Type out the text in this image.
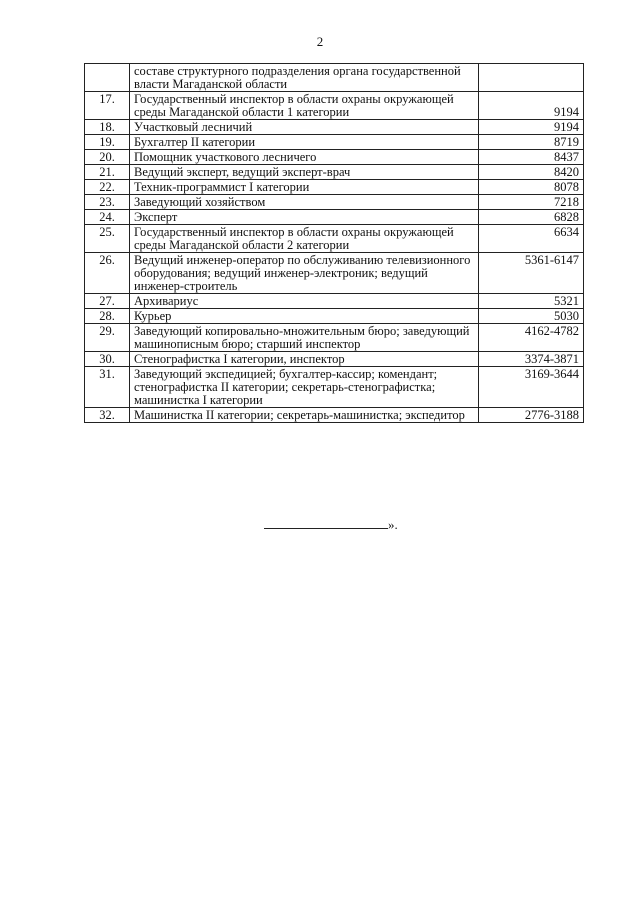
2
	составе структурного подразделения органа государственной власти Магаданской области	
17.	Государственный инспектор в области охраны окружающей среды Магаданской области 1 категории	9194
18.	Участковый лесничий	9194
19.	Бухгалтер II категории	8719
20.	Помощник участкового лесничего	8437
21.	Ведущий эксперт, ведущий эксперт-врач	8420
22.	Техник-программист I категории	8078
23.	Заведующий хозяйством	7218
24.	Эксперт	6828
25.	Государственный инспектор в области охраны окружающей среды Магаданской области 2 категории	6634
26.	Ведущий инженер-оператор по обслуживанию телевизионного оборудования; ведущий инженер-электроник; ведущий инженер-строитель	5361-6147
27.	Архивариус	5321
28.	Курьер	5030
29.	Заведующий копировально-множительным бюро; заведующий машинописным бюро; старший инспектор	4162-4782
30.	Стенографистка I категории, инспектор	3374-3871
31.	Заведующий экспедицией; бухгалтер-кассир; комендант; стенографистка II категории; секретарь-стенографистка; машинистка I категории	3169-3644
32.	Машинистка II категории; секретарь-машинистка; экспедитор	2776-3188
».
